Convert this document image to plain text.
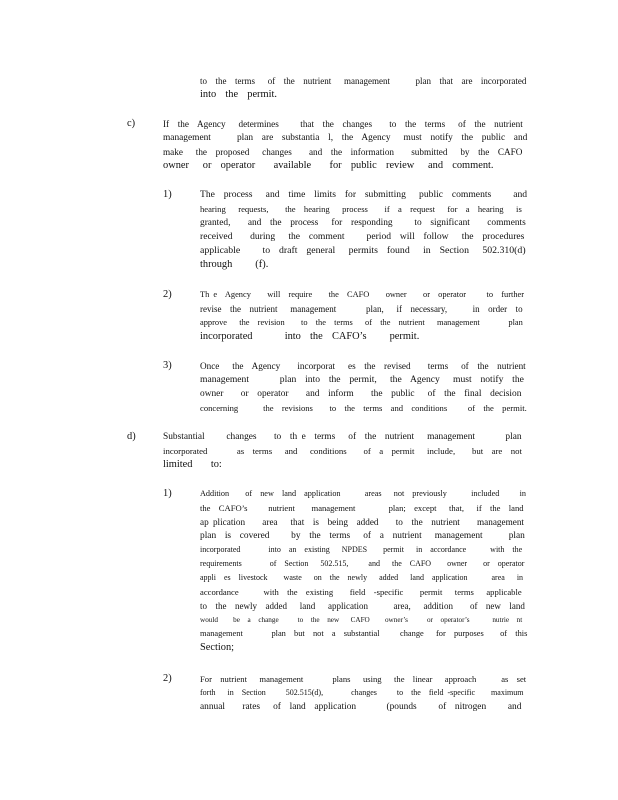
to  the  terms   of  the  nutrient   management      plan  that  are  incorporated
into  the  permit.
c)	If  the  Agency   determines     that  the  changes    to  the  terms   of  the  nutrient
management      plan  are  substantia  l,  the  Agency   must  notify  the  public  and
make   the  proposed   changes    and  the  information    submitted   by  the  CAFO
owner   or  operator    available    for  public  review   and  comment.
1)	The  process   and  time  limits  for  submitting   public  comments     and
hearing   requests,    the  hearing   process    if  a  request   for  a  hearing   is
granted,    and  the  process   for  responding     to  significant    comments
received    during   the  comment     period  will  follow   the  procedures
applicable     to  draft  general   permits  found   in  Section   502.310(d)
through     (f).
2)	Th e  Agency    will  require    the  CAFO    owner    or  operator     to  further
revise  the  nutrient   management       plan,   if  necessary,      in  order  to
approve   the  revision    to  the  terms   of  the  nutrient   management       plan
incorporated       into  the  CAFO’s     permit.
3)	Once   the  Agency    incorporat   es  the  revised    terms   of  the  nutrient
management       plan  into  the  permit,   the  Agency   must  notify  the
owner    or  operator    and  inform    the  public   of  the  final  decision
concerning      the  revisions    to  the  terms  and  conditions     of  the  permit.
d)	Substantial     changes    to  th e  terms   of  the  nutrient   management       plan
incorporated       as  terms   and   conditions    of  a  permit   include,    but  are  not
limited    to:
1)	Addition    of  new  land  application      areas   not  previously      included     in
the  CAFO’s     nutrient    management        plan;  except   that,   if  the  land
ap plication    area   that  is  being  added    to  the  nutrient    management
plan  is  covered     by  the  terms   of  a  nutrient   management      plan
incorporated       into  an  existing   NPDES    permit   in  accordance      with  the
requirements       of  Section   502.515,     and   the  CAFO    owner    or  operator
appli  es  livestock    waste   on  the  newly   added   land  application      area   in
accordance      with  the  existing    field  -specific    permit   terms   applicable
to  the  newly  added   land   application      area,   addition    of  new  land
would    be  a  change     to  the  new   CAFO    owner’s     or  operator’s      nutrie  nt
management       plan  but  not  a  substantial     change   for  purposes    of  this
Section;
2)	For  nutrient   management       plans   using   the  linear   approach      as  set
forth   in  Section     502.515(d),       changes     to  the  field -specific    maximum
annual    rates   of  land  application       (pounds     of  nitrogen     and
